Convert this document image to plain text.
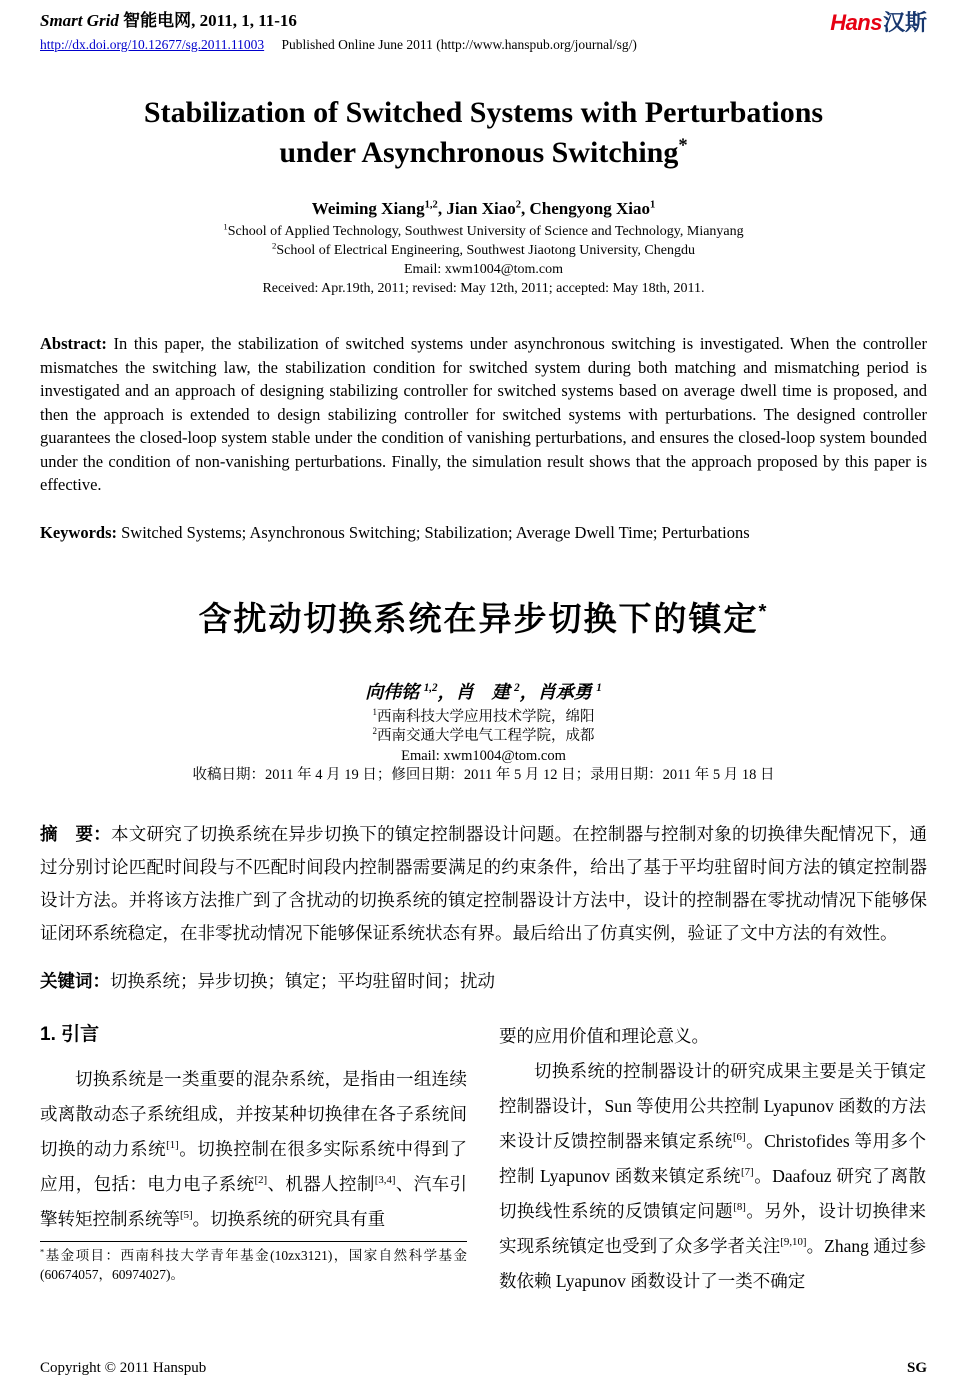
Smart Grid 智能电网, 2011, 1, 11-16
http://dx.doi.org/10.12677/sg.2011.11003 Published Online June 2011 (http://www.hanspub.org/journal/sg/)
Hans汉斯
Stabilization of Switched Systems with Perturbations
under Asynchronous Switching*
Weiming Xiang$^{1,2}$, Jian Xiao$^2$, Chengyong Xiao$^1$
$^1$School of Applied Technology, Southwest University of Science and Technology, Mianyang
$^2$School of Electrical Engineering, Southwest Jiaotong University, Chengdu
Email: xwm1004@tom.com
Received: Apr.19th, 2011; revised: May 12th, 2011; accepted: May 18th, 2011.
Abstract: In this paper, the stabilization of switched systems under asynchronous switching is investigated. When the controller mismatches the switching law, the stabilization condition for switched system during both matching and mismatching period is investigated and an approach of designing stabilizing controller for switched systems based on average dwell time is proposed, and then the approach is extended to design stabilizing controller for switched systems with perturbations. The designed controller guarantees the closed-loop system stable under the condition of vanishing perturbations, and ensures the closed-loop system bounded under the condition of non-vanishing perturbations. Finally, the simulation result shows that the approach proposed by this paper is effective.
Keywords: Switched Systems; Asynchronous Switching; Stabilization; Average Dwell Time; Perturbations
含扰动切换系统在异步切换下的镇定*
向伟铭 $^{1,2}$，肖　建 $^2$，肖承勇 $^1$
$^1$西南科技大学应用技术学院，绵阳
$^2$西南交通大学电气工程学院，成都
Email: xwm1004@tom.com
收稿日期：2011 年 4 月 19 日；修回日期：2011 年 5 月 12 日；录用日期：2011 年 5 月 18 日
摘　要：本文研究了切换系统在异步切换下的镇定控制器设计问题。在控制器与控制对象的切换律失配情况下，通过分别讨论匹配时间段与不匹配时间段内控制器需要满足的约束条件，给出了基于平均驻留时间方法的镇定控制器设计方法。并将该方法推广到了含扰动的切换系统的镇定控制器设计方法中，设计的控制器在零扰动情况下能够保证闭环系统稳定，在非零扰动情况下能够保证系统状态有界。最后给出了仿真实例，验证了文中方法的有效性。
关键词：切换系统；异步切换；镇定；平均驻留时间；扰动
1. 引言

切换系统是一类重要的混杂系统，是指由一组连续或离散动态子系统组成，并按某种切换律在各子系统间切换的动力系统[1]。切换控制在很多实际系统中得到了应用，包括：电力电子系统[2]、机器人控制[3,4]、汽车引擎转矩控制系统等[5]。切换系统的研究具有重

*基金项目：西南科技大学青年基金(10zx3121)，国家自然科学基金(60674057，60974027)。

要的应用价值和理论意义。

切换系统的控制器设计的研究成果主要是关于镇定控制器设计，Sun 等使用公共控制 Lyapunov 函数的方法来设计反馈控制器来镇定系统[6]。Christofides 等用多个控制 Lyapunov 函数来镇定系统[7]。Daafouz 研究了离散切换线性系统的反馈镇定问题[8]。另外，设计切换律来实现系统镇定也受到了众多学者关注[9,10]。Zhang 通过参数依赖 Lyapunov 函数设计了一类不确定

Copyright © 2011 Hanspub	SG
